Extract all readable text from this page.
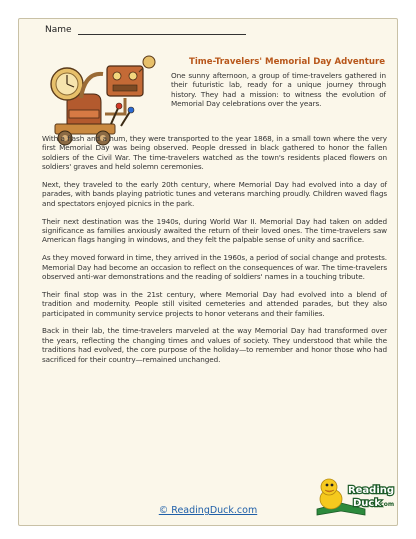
Name
Time-Travelers' Memorial Day Adventure

One sunny afternoon, a group of time-travelers gathered in their futuristic lab, ready for a unique journey through history. They had a mission: to witness the evolution of Memorial Day celebrations over the years.

With a flash and a hum, they were transported to the year 1868, in a small town where the very first Memorial Day was being observed. People dressed in black gathered to honor the fallen soldiers of the Civil War. The time-travelers watched as the town's residents placed flowers on soldiers' graves and held solemn ceremonies.

Next, they traveled to the early 20th century, where Memorial Day had evolved into a day of parades, with bands playing patriotic tunes and veterans marching proudly. Children waved flags and spectators enjoyed picnics in the park.

Their next destination was the 1940s, during World War II. Memorial Day had taken on added significance as families anxiously awaited the return of their loved ones. The time-travelers saw American flags hanging in windows, and they felt the palpable sense of unity and sacrifice.

As they moved forward in time, they arrived in the 1960s, a period of social change and protests. Memorial Day had become an occasion to reflect on the consequences of war. The time-travelers observed anti-war demonstrations and the reading of soldiers' names in a touching tribute.

Their final stop was in the 21st century, where Memorial Day had evolved into a blend of tradition and modernity. People still visited cemeteries and attended parades, but they also participated in community service projects to honor veterans and their families.

Back in their lab, the time-travelers marveled at the way Memorial Day had transformed over the years, reflecting the changing times and values of society. They understood that while the traditions had evolved, the core purpose of the holiday—to remember and honor those who had sacrificed for their country—remained unchanged.

Reading
Duck
.com
© ReadingDuck.com
